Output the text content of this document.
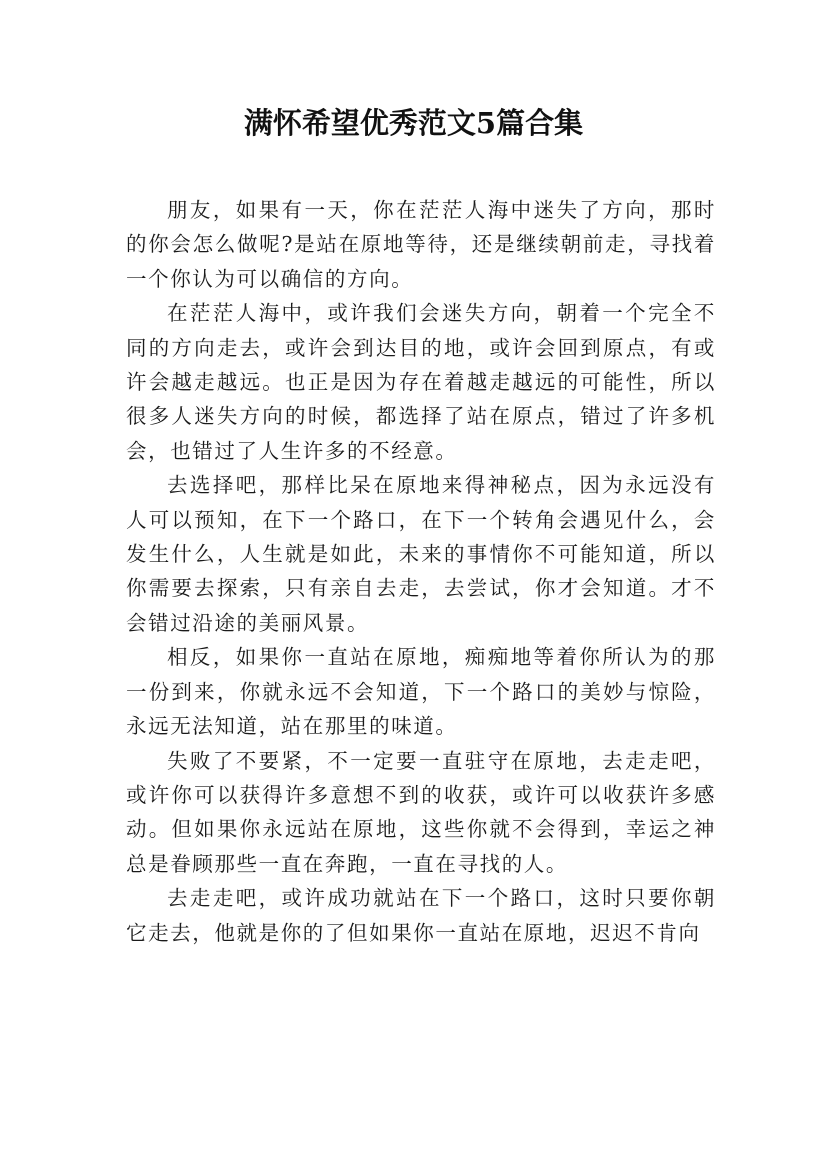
满怀希望优秀范文5篇合集

朋友，如果有一天，你在茫茫人海中迷失了方向，那时的你会怎么做呢?是站在原地等待，还是继续朝前走，寻找着一个你认为可以确信的方向。

在茫茫人海中，或许我们会迷失方向，朝着一个完全不同的方向走去，或许会到达目的地，或许会回到原点，有或许会越走越远。也正是因为存在着越走越远的可能性，所以很多人迷失方向的时候，都选择了站在原点，错过了许多机会，也错过了人生许多的不经意。

去选择吧，那样比呆在原地来得神秘点，因为永远没有人可以预知，在下一个路口，在下一个转角会遇见什么，会发生什么，人生就是如此，未来的事情你不可能知道，所以你需要去探索，只有亲自去走，去尝试，你才会知道。才不会错过沿途的美丽风景。

相反，如果你一直站在原地，痴痴地等着你所认为的那一份到来，你就永远不会知道，下一个路口的美妙与惊险，永远无法知道，站在那里的味道。

失败了不要紧，不一定要一直驻守在原地，去走走吧，或许你可以获得许多意想不到的收获，或许可以收获许多感动。但如果你永远站在原地，这些你就不会得到，幸运之神总是眷顾那些一直在奔跑，一直在寻找的人。

去走走吧，或许成功就站在下一个路口，这时只要你朝它走去，他就是你的了但如果你一直站在原地，迟迟不肯向
